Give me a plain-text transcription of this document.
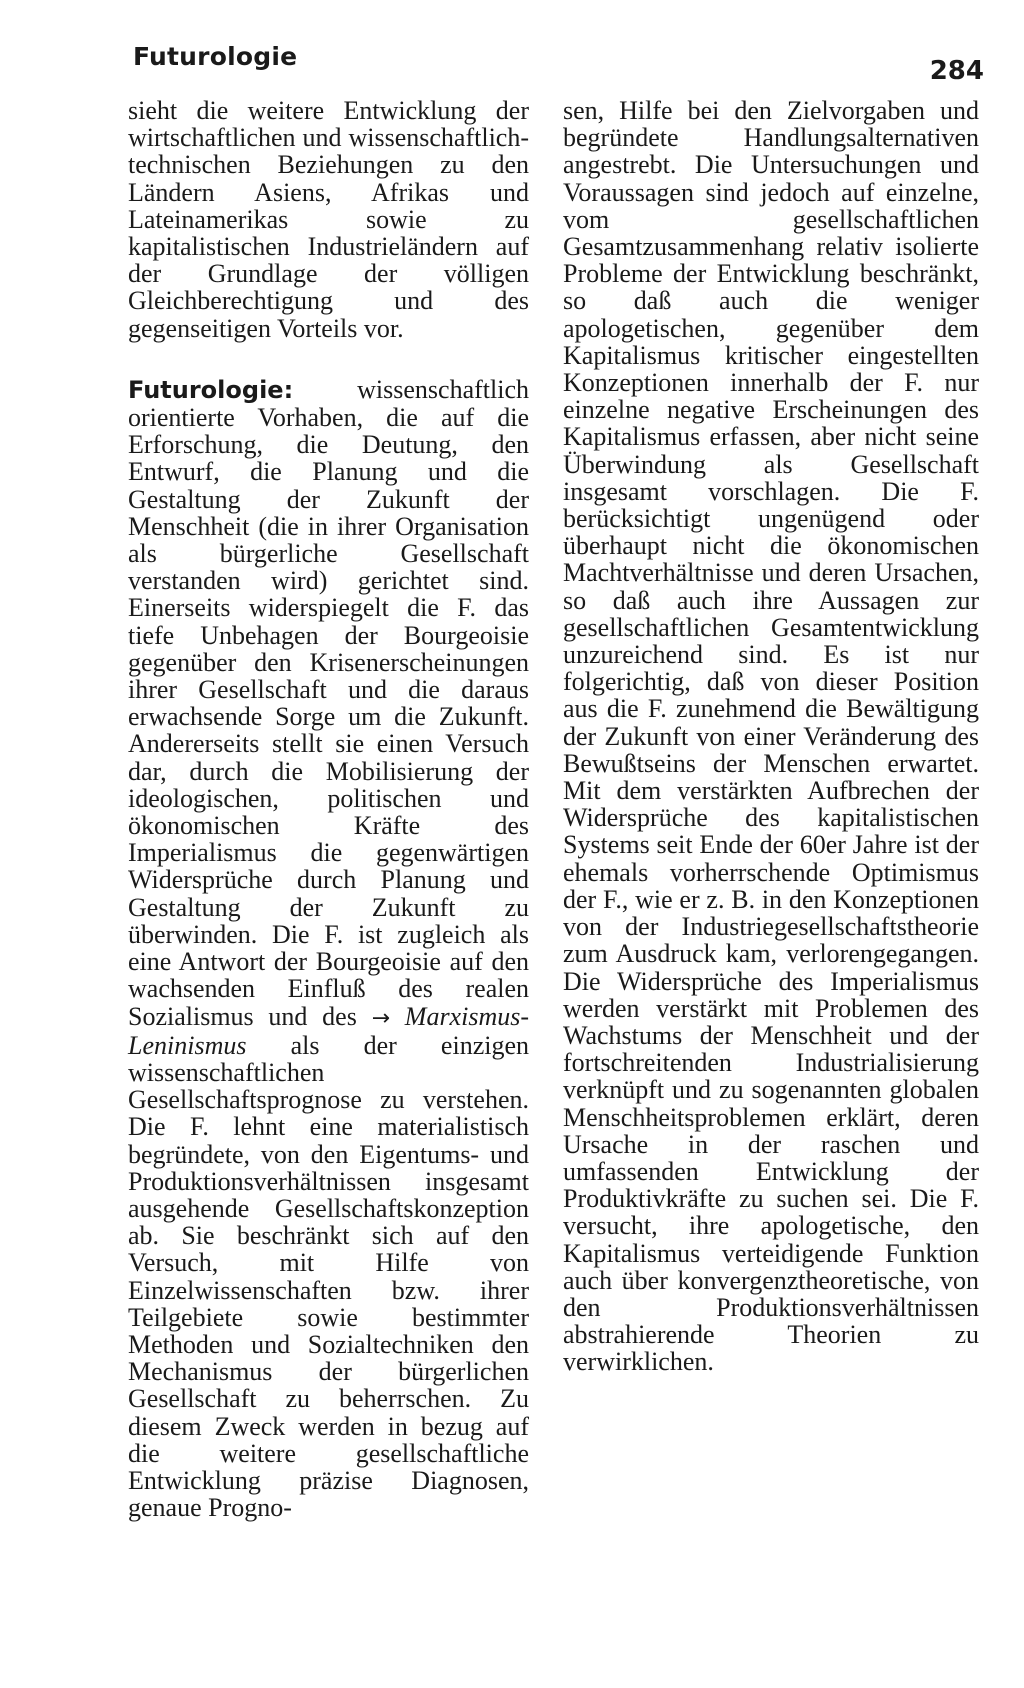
Futurologie	284

sieht die weitere Entwicklung der wirtschaftlichen und wissenschaftlich-technischen Beziehungen zu den Ländern Asiens, Afrikas und Lateinamerikas sowie zu kapitalistischen Industrieländern auf der Grundlage der völligen Gleichberechtigung und des gegenseitigen Vorteils vor.

Futurologie: wissenschaftlich orientierte Vorhaben, die auf die Erforschung, die Deutung, den Entwurf, die Planung und die Gestaltung der Zukunft der Menschheit (die in ihrer Organisation als bürgerliche Gesellschaft verstanden wird) gerichtet sind. Einerseits widerspiegelt die F. das tiefe Unbehagen der Bourgeoisie gegenüber den Krisenerscheinungen ihrer Gesellschaft und die daraus erwachsende Sorge um die Zukunft. Andererseits stellt sie einen Versuch dar, durch die Mobilisierung der ideologischen, politischen und ökonomischen Kräfte des Imperialismus die gegenwärtigen Widersprüche durch Planung und Gestaltung der Zukunft zu überwinden. Die F. ist zugleich als eine Antwort der Bourgeoisie auf den wachsenden Einfluß des realen Sozialismus und des → Marxismus-Leninismus als der einzigen wissenschaftlichen Gesellschaftsprognose zu verstehen. Die F. lehnt eine materialistisch begründete, von den Eigentums- und Produktionsverhältnissen insgesamt ausgehende Gesellschaftskonzeption ab. Sie beschränkt sich auf den Versuch, mit Hilfe von Einzelwissenschaften bzw. ihrer Teilgebiete sowie bestimmter Methoden und Sozialtechniken den Mechanismus der bürgerlichen Gesellschaft zu beherrschen. Zu diesem Zweck werden in bezug auf die weitere gesellschaftliche Entwicklung präzise Diagnosen, genaue Progno-

sen, Hilfe bei den Zielvorgaben und begründete Handlungsalternativen angestrebt. Die Untersuchungen und Voraussagen sind jedoch auf einzelne, vom gesellschaftlichen Gesamtzusammenhang relativ isolierte Probleme der Entwicklung beschränkt, so daß auch die weniger apologetischen, gegenüber dem Kapitalismus kritischer eingestellten Konzeptionen innerhalb der F. nur einzelne negative Erscheinungen des Kapitalismus erfassen, aber nicht seine Überwindung als Gesellschaft insgesamt vorschlagen. Die F. berücksichtigt ungenügend oder überhaupt nicht die ökonomischen Machtverhältnisse und deren Ursachen, so daß auch ihre Aussagen zur gesellschaftlichen Gesamtentwicklung unzureichend sind. Es ist nur folgerichtig, daß von dieser Position aus die F. zunehmend die Bewältigung der Zukunft von einer Veränderung des Bewußtseins der Menschen erwartet. Mit dem verstärkten Aufbrechen der Widersprüche des kapitalistischen Systems seit Ende der 60er Jahre ist der ehemals vorherrschende Optimismus der F., wie er z. B. in den Konzeptionen von der Industriegesellschaftstheorie zum Ausdruck kam, verlorengegangen. Die Widersprüche des Imperialismus werden verstärkt mit Problemen des Wachstums der Menschheit und der fortschreitenden Industrialisierung verknüpft und zu sogenannten globalen Menschheitsproblemen erklärt, deren Ursache in der raschen und umfassenden Entwicklung der Produktivkräfte zu suchen sei. Die F. versucht, ihre apologetische, den Kapitalismus verteidigende Funktion auch über konvergenztheoretische, von den Produktionsverhältnissen abstrahierende Theorien zu verwirklichen.
